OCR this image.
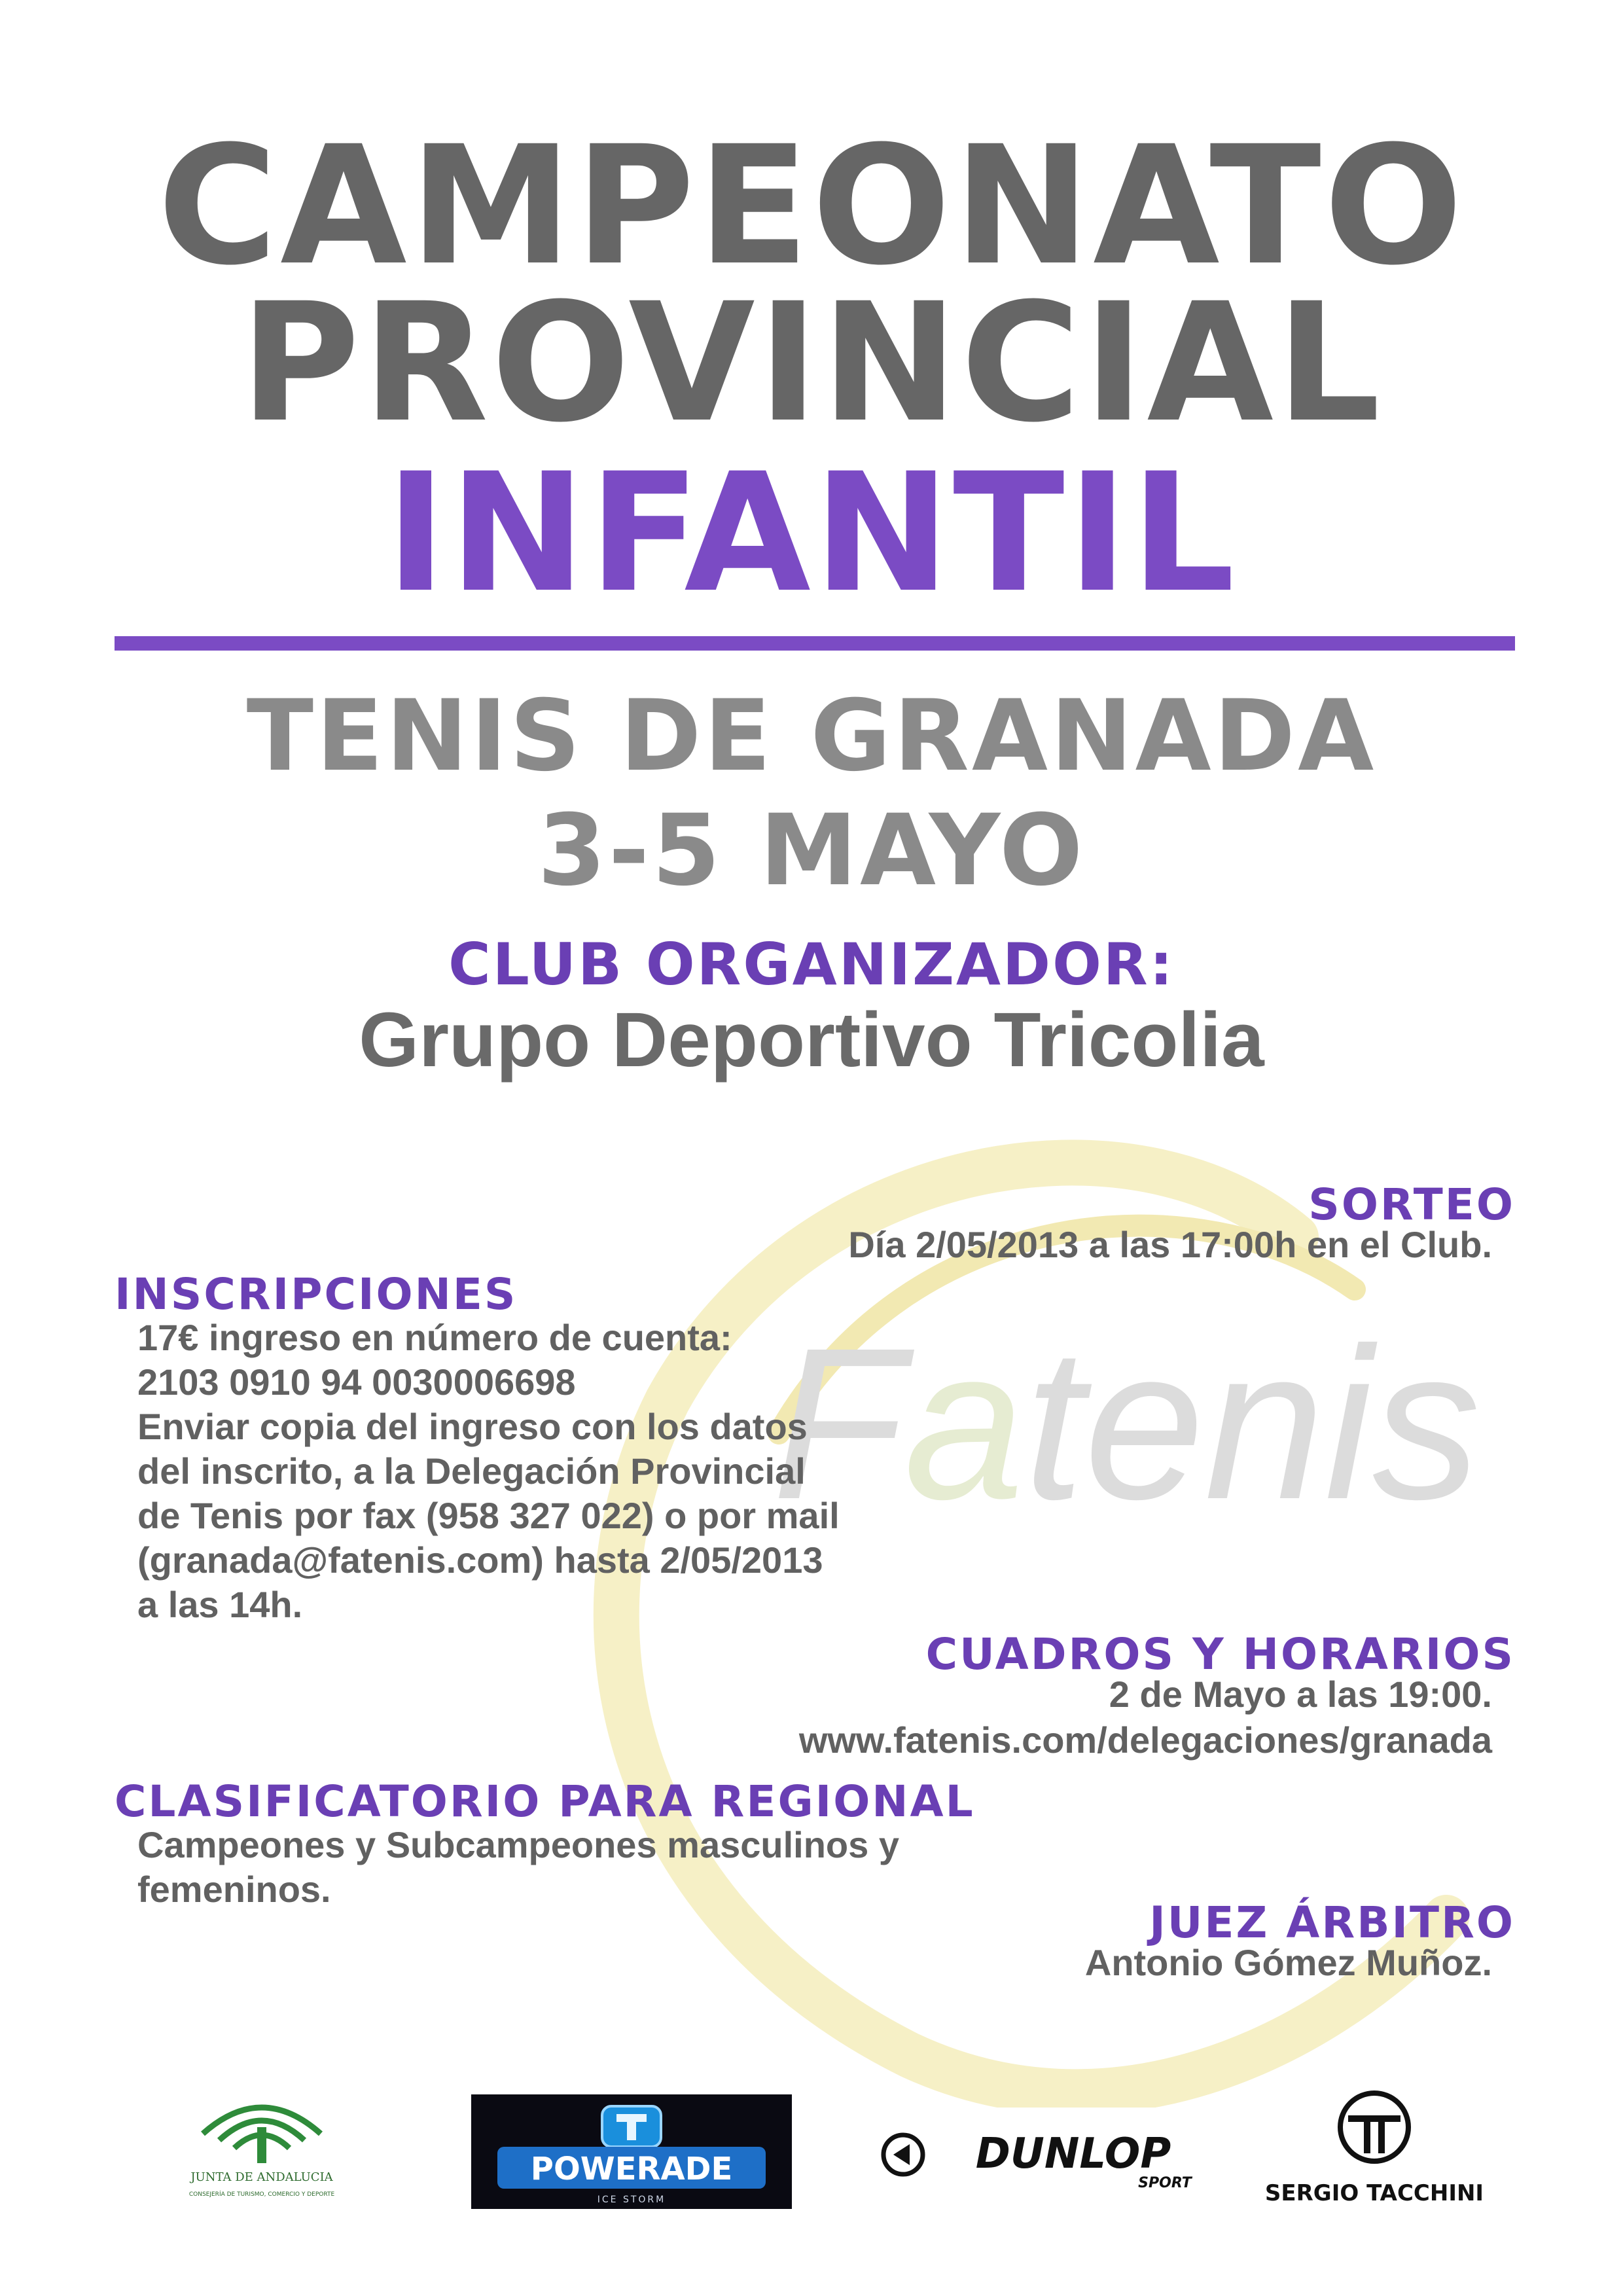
Fatenis
CAMPEONATO
PROVINCIAL
INFANTIL
TENIS DE GRANADA
3-5 MAYO
CLUB ORGANIZADOR:
Grupo Deportivo Tricolia
SORTEO
Día 2/05/2013 a las 17:00h en el Club.
INSCRIPCIONES
17€ ingreso en número de cuenta:
2103 0910 94 0030006698
Enviar copia del ingreso con los datos
del inscrito, a la Delegación Provincial
de Tenis por fax (958 327 022) o por mail
(granada@fatenis.com) hasta 2/05/2013
a las 14h.
CUADROS Y HORARIOS
2 de Mayo a las 19:00.
www.fatenis.com/delegaciones/granada
CLASIFICATORIO PARA REGIONAL
Campeones y Subcampeones masculinos y
femeninos.
JUEZ ÁRBITRO
Antonio Gómez Muñoz.
JUNTA DE ANDALUCIA
CONSEJERÍA DE TURISMO, COMERCIO Y DEPORTE
POWERADE
ICE STORM
DUNLOP
SPORT	SERGIO TACCHINI
